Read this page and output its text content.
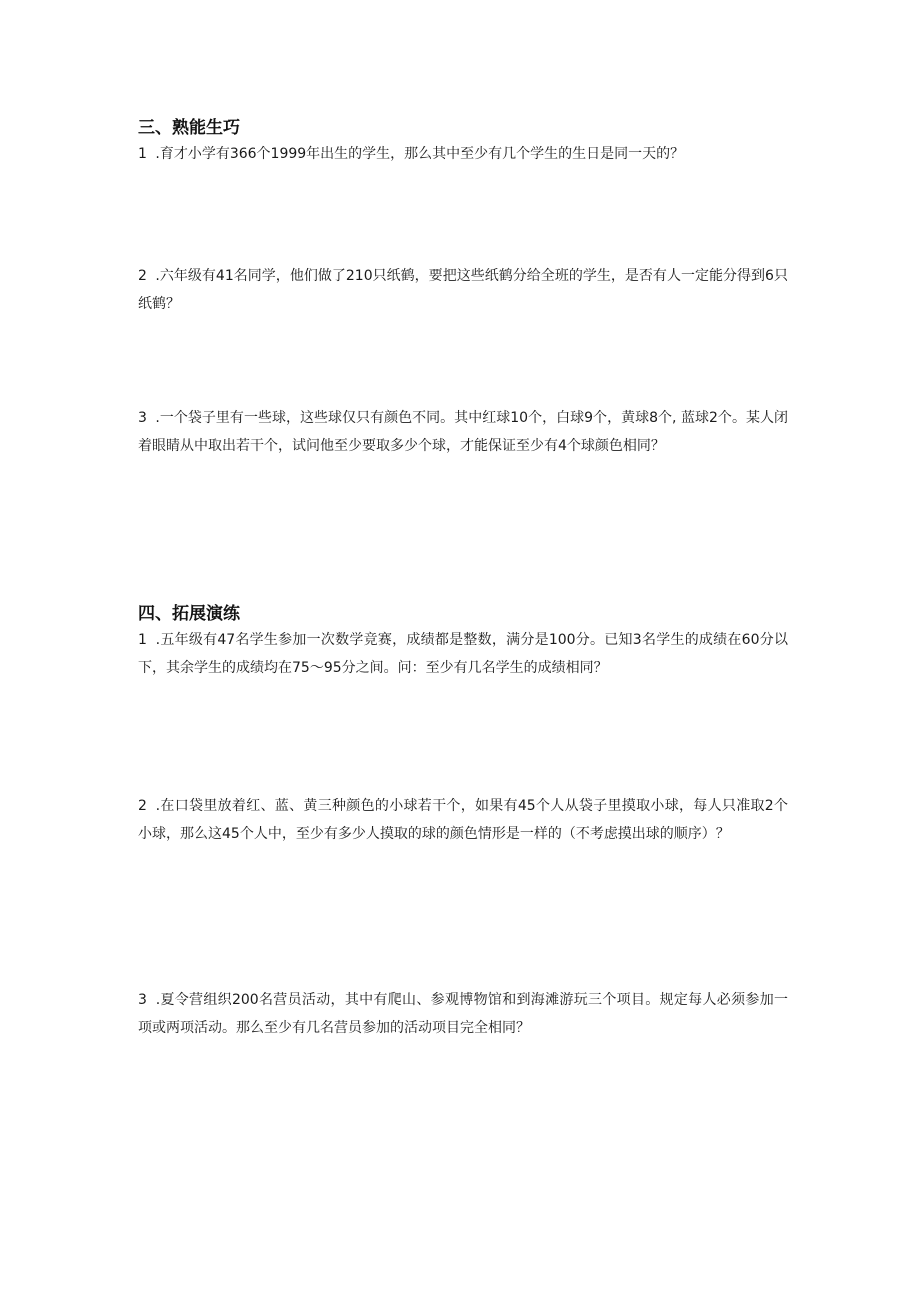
三、熟能生巧

1 .育才小学有366个1999年出生的学生，那么其中至少有几个学生的生日是同一天的？

2 .六年级有41名同学，他们做了210只纸鹤，要把这些纸鹤分给全班的学生，是否有人一定能分得到6只纸鹤？

3 .一个袋子里有一些球，这些球仅只有颜色不同。其中红球10个，白球9个，黄球8个, 蓝球2个。某人闭着眼睛从中取出若干个，试问他至少要取多少个球，才能保证至少有4个球颜色相同？

四、拓展演练

1 .五年级有47名学生参加一次数学竞赛，成绩都是整数，满分是100分。已知3名学生的成绩在60分以下，其余学生的成绩均在75～95分之间。问：至少有几名学生的成绩相同？

2 .在口袋里放着红、蓝、黄三种颜色的小球若干个，如果有45个人从袋子里摸取小球，每人只准取2个小球，那么这45个人中，至少有多少人摸取的球的颜色情形是一样的（不考虑摸出球的顺序）？

3 .夏令营组织200名营员活动，其中有爬山、参观博物馆和到海滩游玩三个项目。规定每人必须参加一项或两项活动。那么至少有几名营员参加的活动项目完全相同？
